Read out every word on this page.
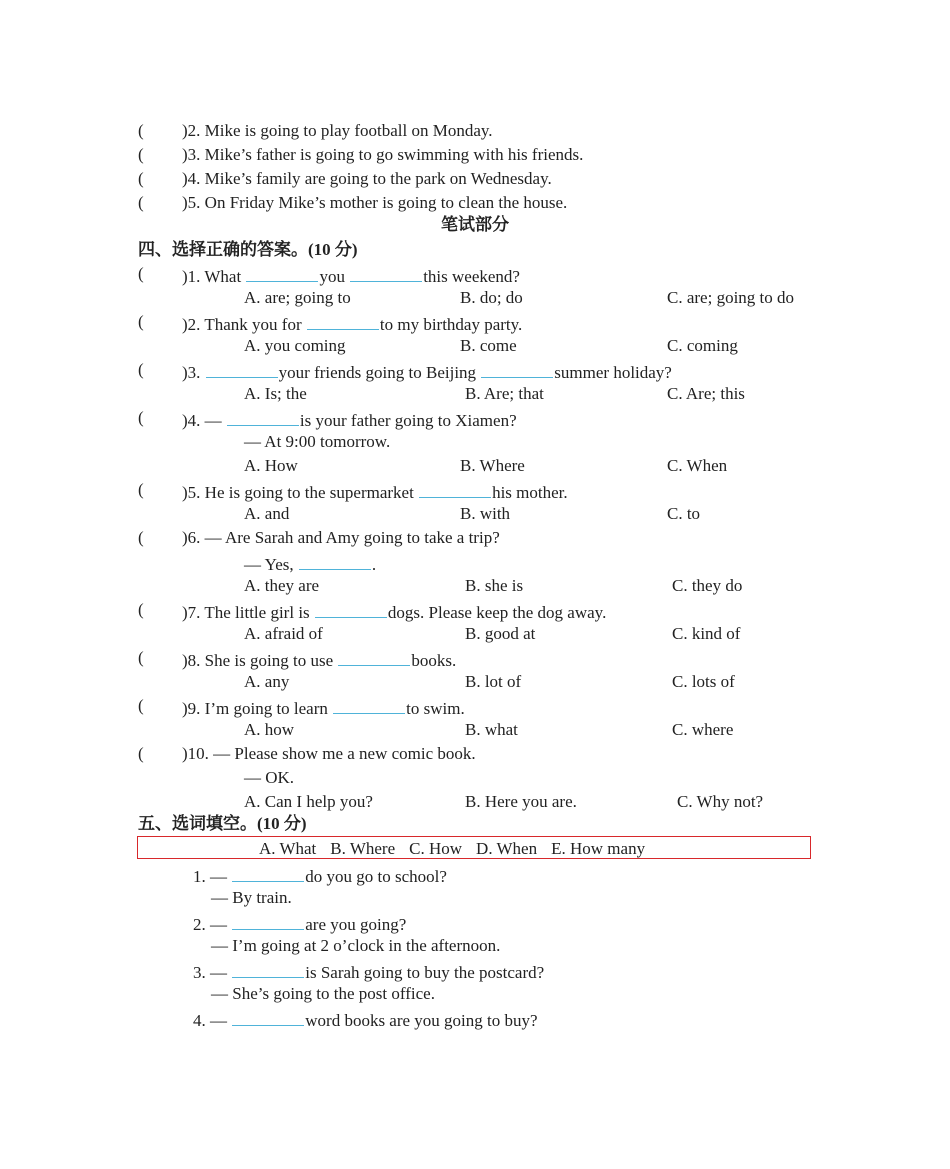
( )2. Mike is going to play football on Monday.
( )3. Mike’s father is going to go swimming with his friends.
( )4. Mike’s family are going to the park on Wednesday.
( )5. On Friday Mike’s mother is going to clean the house.
笔试部分
四、选择正确的答案。(10 分)
( )1. What	you	this weekend?
A. are; going to	B. do; do	C. are; going to do
( )2. Thank you for	to my birthday party.
A. you coming	B. come	C. coming
( )3.	your friends going to Beijing	summer holiday?
A. Is; the	B. Are; that	C. Are; this
( )4. —	is your father going to Xiamen?
— At 9:00 tomorrow.
A. How	B. Where	C. When
( )5. He is going to the supermarket	his mother.
A. and	B. with	C. to
( )6. — Are Sarah and Amy going to take a trip?
— Yes,	.
A. they are	B. she is	C. they do
( )7. The little girl is	dogs. Please keep the dog away.
A. afraid of	B. good at	C. kind of
( )8. She is going to use	books.
A. any	B. lot of	C. lots of
( )9. I’m going to learn	to swim.
A. how	B. what	C. where
( )10. — Please show me a new comic book.
— OK.
A. Can I help you?	B. Here you are.	C. Why not?
五、选词填空。(10 分)
A. What B. Where C. How D. When E. How many
1. —	do you go to school?
— By train.
2. —	are you going?
— I’m going at 2 o’clock in the afternoon.
3. —	is Sarah going to buy the postcard?
— She’s going to the post office.
4. —	word books are you going to buy?
